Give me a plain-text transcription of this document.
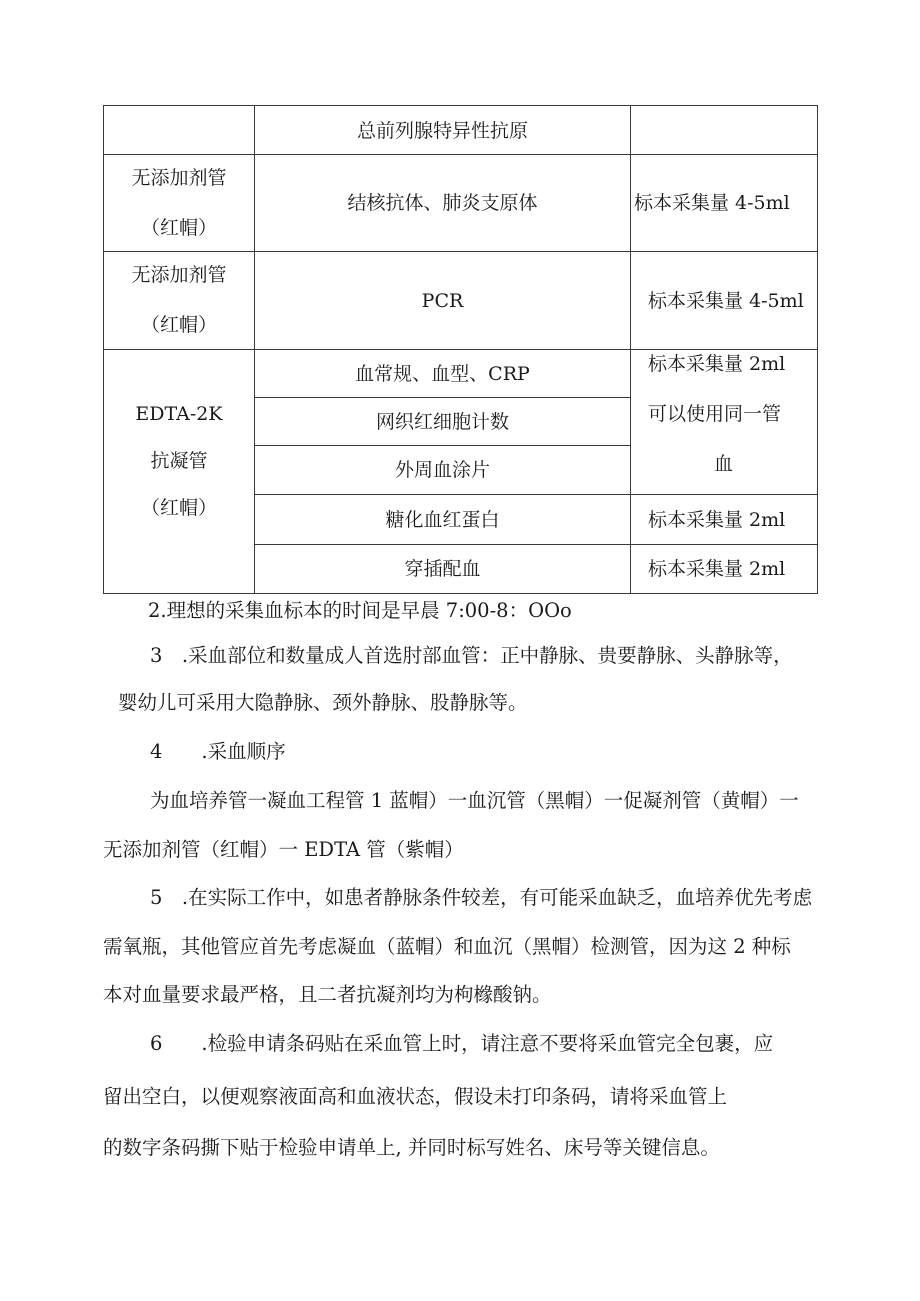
总前列腺特异性抗原
无添加剂管
（红帽）
结核抗体、肺炎支原体	标本采集量 4-5ml
无添加剂管
（红帽）
PCR	标本采集量 4-5ml
EDTA-2K
抗凝管
（红帽）
血常规、血型、CRP
网织红细胞计数
外周血涂片
糖化血红蛋白
穿插配血
标本采集量 2ml
可以使用同一管
血
标本采集量 2ml
标本采集量 2ml
2.理想的采集血标本的时间是早晨 7:00-8：OOo
3　.采血部位和数量成人首选肘部血管：正中静脉、贵要静脉、头静脉等，
婴幼儿可采用大隐静脉、颈外静脉、股静脉等。
4　　.采血顺序
为血培养管一凝血工程管 1 蓝帽）一血沉管（黑帽）一促凝剂管（黄帽）一
无添加剂管（红帽）一 EDTA 管（紫帽）
5　.在实际工作中，如患者静脉条件较差，有可能采血缺乏，血培养优先考虑
需氧瓶，其他管应首先考虑凝血（蓝帽）和血沉（黑帽）检测管，因为这 2 种标
本对血量要求最严格，且二者抗凝剂均为枸橼酸钠。
6　　.检验申请条码贴在采血管上时，请注意不要将采血管完全包裹，应
留出空白，以便观察液面高和血液状态，假设未打印条码，请将采血管上
的数字条码撕下贴于检验申请单上, 并同时标写姓名、床号等关键信息。
